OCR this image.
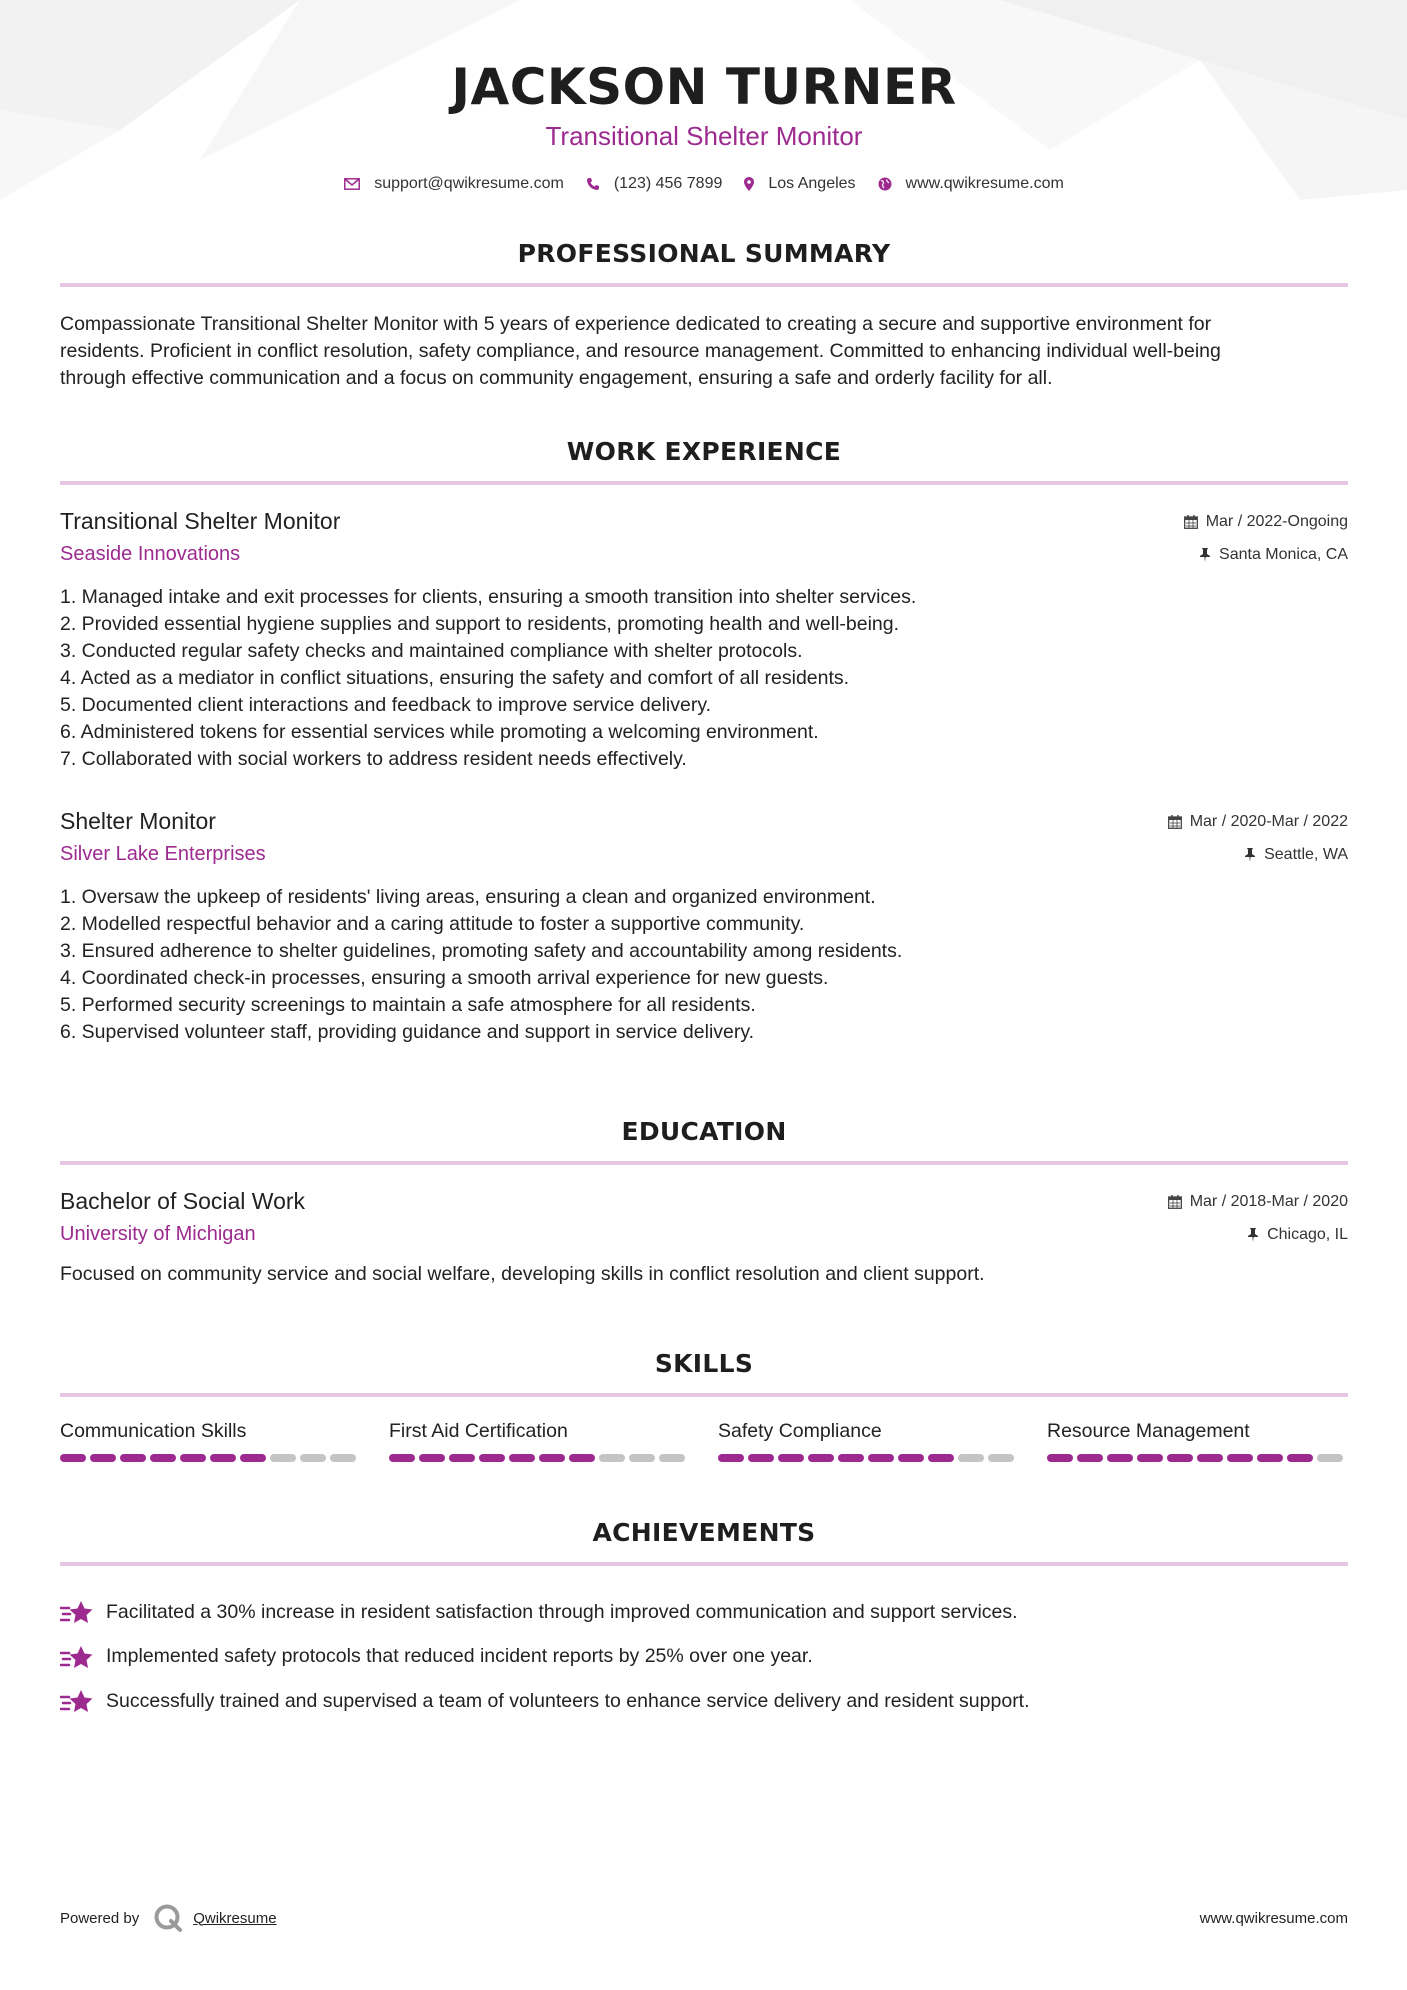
JACKSON TURNER
Transitional Shelter Monitor
support@qwikresume.com	(123) 456 7899	Los Angeles	www.qwikresume.com
PROFESSIONAL SUMMARY
Compassionate Transitional Shelter Monitor with 5 years of experience dedicated to creating a secure and supportive environment for
residents. Proficient in conflict resolution, safety compliance, and resource management. Committed to enhancing individual well-being
through effective communication and a focus on community engagement, ensuring a safe and orderly facility for all.
WORK EXPERIENCE
Transitional Shelter Monitor
Seaside Innovations
Mar / 2022-Ongoing
Santa Monica, CA
1. Managed intake and exit processes for clients, ensuring a smooth transition into shelter services.
2. Provided essential hygiene supplies and support to residents, promoting health and well-being.
3. Conducted regular safety checks and maintained compliance with shelter protocols.
4. Acted as a mediator in conflict situations, ensuring the safety and comfort of all residents.
5. Documented client interactions and feedback to improve service delivery.
6. Administered tokens for essential services while promoting a welcoming environment.
7. Collaborated with social workers to address resident needs effectively.
Shelter Monitor
Silver Lake Enterprises
Mar / 2020-Mar / 2022
Seattle, WA
1. Oversaw the upkeep of residents' living areas, ensuring a clean and organized environment.
2. Modelled respectful behavior and a caring attitude to foster a supportive community.
3. Ensured adherence to shelter guidelines, promoting safety and accountability among residents.
4. Coordinated check-in processes, ensuring a smooth arrival experience for new guests.
5. Performed security screenings to maintain a safe atmosphere for all residents.
6. Supervised volunteer staff, providing guidance and support in service delivery.
EDUCATION
Bachelor of Social Work
University of Michigan
Mar / 2018-Mar / 2020
Chicago, IL
Focused on community service and social welfare, developing skills in conflict resolution and client support.
SKILLS
Communication Skills	First Aid Certification	Safety Compliance	Resource Management
ACHIEVEMENTS
Facilitated a 30% increase in resident satisfaction through improved communication and support services.
Implemented safety protocols that reduced incident reports by 25% over one year.
Successfully trained and supervised a team of volunteers to enhance service delivery and resident support.
Powered by	Qwikresume	www.qwikresume.com
